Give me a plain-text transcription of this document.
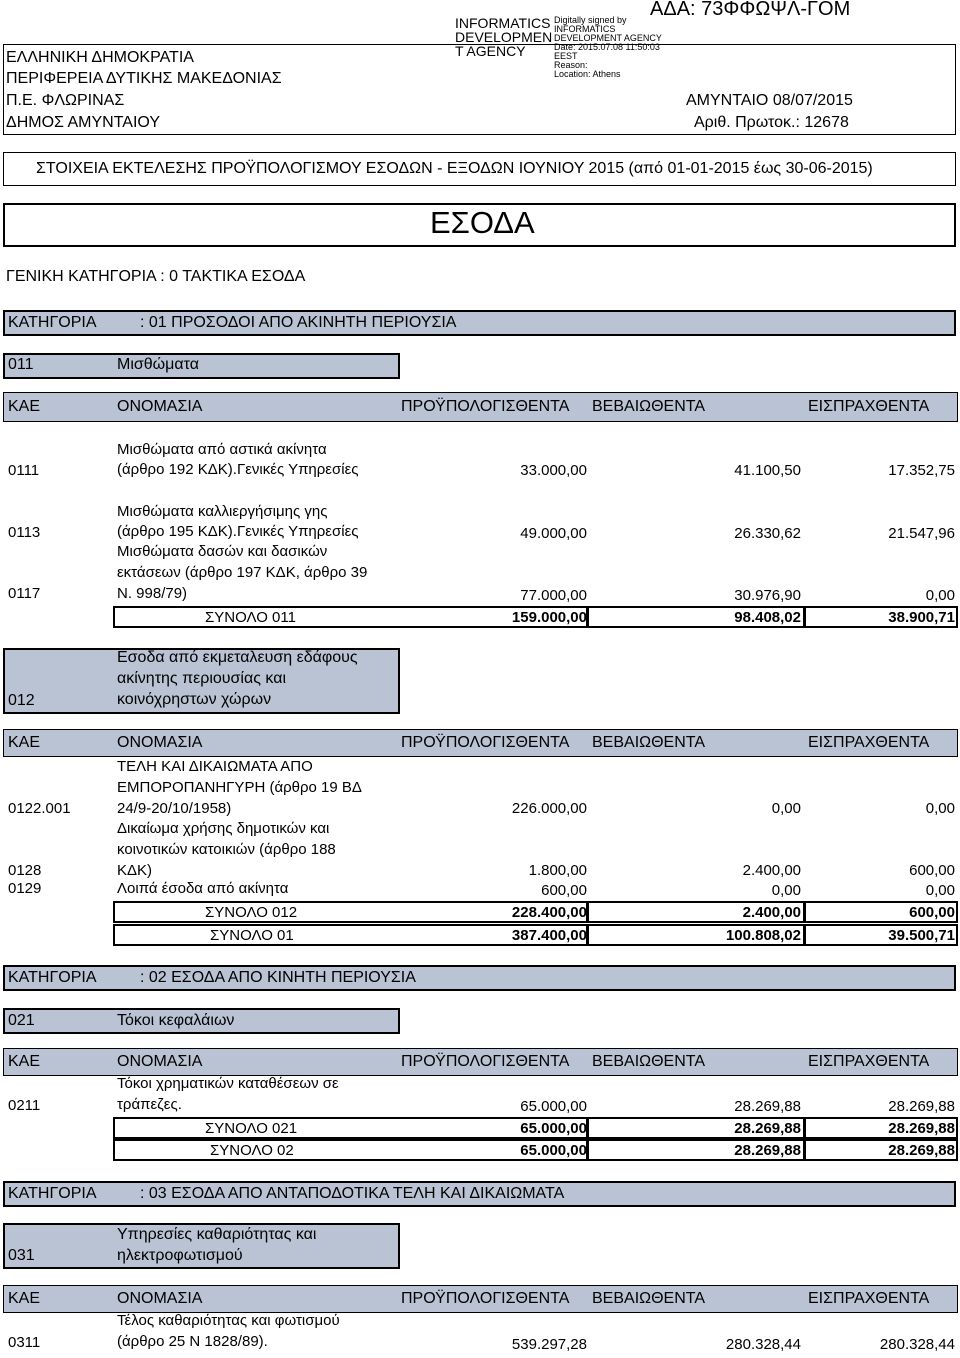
ΑΔΑ: 73ΦΦΩΨΛ-ΓΟΜ
INFORMATICS
DEVELOPMEN
T AGENCY
Digitally signed by
INFORMATICS
DEVELOPMENT AGENCY
Date: 2015.07.08 11:50:03
EEST
Reason:
Location: Athens
ΕΛΛΗΝΙΚΗ ΔΗΜΟΚΡΑΤΙΑ
ΠΕΡΙΦΕΡΕΙΑ ΔΥΤΙΚΗΣ ΜΑΚΕΔΟΝΙΑΣ
Π.Ε. ΦΛΩΡΙΝΑΣ
ΔΗΜΟΣ ΑΜΥΝΤΑΙΟΥ
ΑΜΥΝΤΑΙΟ 08/07/2015
Αριθ. Πρωτοκ.: 12678
ΣΤΟΙΧΕΙΑ ΕΚΤΕΛΕΣΗΣ ΠΡΟΫΠΟΛΟΓΙΣΜΟΥ ΕΣΟΔΩΝ - ΕΞΟΔΩΝ ΙΟΥΝΙΟΥ 2015 (από 01-01-2015 έως 30-06-2015)
ΕΣΟΔΑ
ΓΕΝΙΚΗ ΚΑΤΗΓΟΡΙΑ : 0 ΤΑΚΤΙΚΑ ΕΣΟΔΑ
ΚΑΤΗΓΟΡΙΑ	: 01 ΠΡΟΣΟΔΟΙ ΑΠΟ ΑΚΙΝΗΤΗ ΠΕΡΙΟΥΣΙΑ
011	Μισθώματα
ΚΑΕ	ΟΝΟΜΑΣΙΑ	ΠΡΟΫΠΟΛΟΓΙΣΘΕΝΤΑ ΒΕΒΑΙΩΘΕΝΤΑ	ΕΙΣΠΡΑΧΘΕΝΤΑ
0111
Μισθώματα από αστικά ακίνητα
(άρθρο 192 ΚΔΚ).Γενικές Υπηρεσίες	33.000,00	41.100,50	17.352,75
0113
Μισθώματα καλλιεργήσιμης γης
(άρθρο 195 ΚΔΚ).Γενικές Υπηρεσίες	49.000,00	26.330,62	21.547,96
0117
Μισθώματα δασών και δασικών
εκτάσεων (άρθρο 197 ΚΔΚ, άρθρο 39
Ν. 998/79)	77.000,00	30.976,90	0,00
ΣΥΝΟΛΟ 011	159.000,00	98.408,02	38.900,71
012
Εσοδα από εκμεταλευση εδάφους
ακίνητης περιουσίας και
κοινόχρηστων χώρων
ΚΑΕ	ΟΝΟΜΑΣΙΑ	ΠΡΟΫΠΟΛΟΓΙΣΘΕΝΤΑ ΒΕΒΑΙΩΘΕΝΤΑ	ΕΙΣΠΡΑΧΘΕΝΤΑ
0122.001
ΤΕΛΗ ΚΑΙ ΔΙΚΑΙΩΜΑΤΑ ΑΠΟ
ΕΜΠΟΡΟΠΑΝΗΓΥΡΗ (άρθρο 19 ΒΔ
24/9-20/10/1958)	226.000,00	0,00	0,00
0128
Δικαίωμα χρήσης δημοτικών και
κοινοτικών κατοικιών (άρθρο 188
ΚΔΚ)	1.800,00	2.400,00	600,00
0129	Λοιπά έσοδα από ακίνητα	600,00	0,00	0,00
ΣΥΝΟΛΟ 012	228.400,00	2.400,00	600,00
ΣΥΝΟΛΟ 01	387.400,00	100.808,02	39.500,71
ΚΑΤΗΓΟΡΙΑ	: 02 ΕΣΟΔΑ ΑΠΟ ΚΙΝΗΤΗ ΠΕΡΙΟΥΣΙΑ
021	Τόκοι κεφαλάιων
ΚΑΕ	ΟΝΟΜΑΣΙΑ	ΠΡΟΫΠΟΛΟΓΙΣΘΕΝΤΑ ΒΕΒΑΙΩΘΕΝΤΑ	ΕΙΣΠΡΑΧΘΕΝΤΑ
0211
Τόκοι χρηματικών καταθέσεων σε
τράπεζες.	65.000,00	28.269,88	28.269,88
ΣΥΝΟΛΟ 021	65.000,00	28.269,88	28.269,88
ΣΥΝΟΛΟ 02	65.000,00	28.269,88	28.269,88
ΚΑΤΗΓΟΡΙΑ	: 03 ΕΣΟΔΑ ΑΠΟ ΑΝΤΑΠΟΔΟΤΙΚΑ ΤΕΛΗ ΚΑΙ ΔΙΚΑΙΩΜΑΤΑ
031
Υπηρεσίες καθαριότητας και
ηλεκτροφωτισμού
ΚΑΕ	ΟΝΟΜΑΣΙΑ	ΠΡΟΫΠΟΛΟΓΙΣΘΕΝΤΑ ΒΕΒΑΙΩΘΕΝΤΑ	ΕΙΣΠΡΑΧΘΕΝΤΑ
0311
Τέλος καθαριότητας και φωτισμού
(άρθρο 25 Ν 1828/89).	539.297,28	280.328,44	280.328,44
